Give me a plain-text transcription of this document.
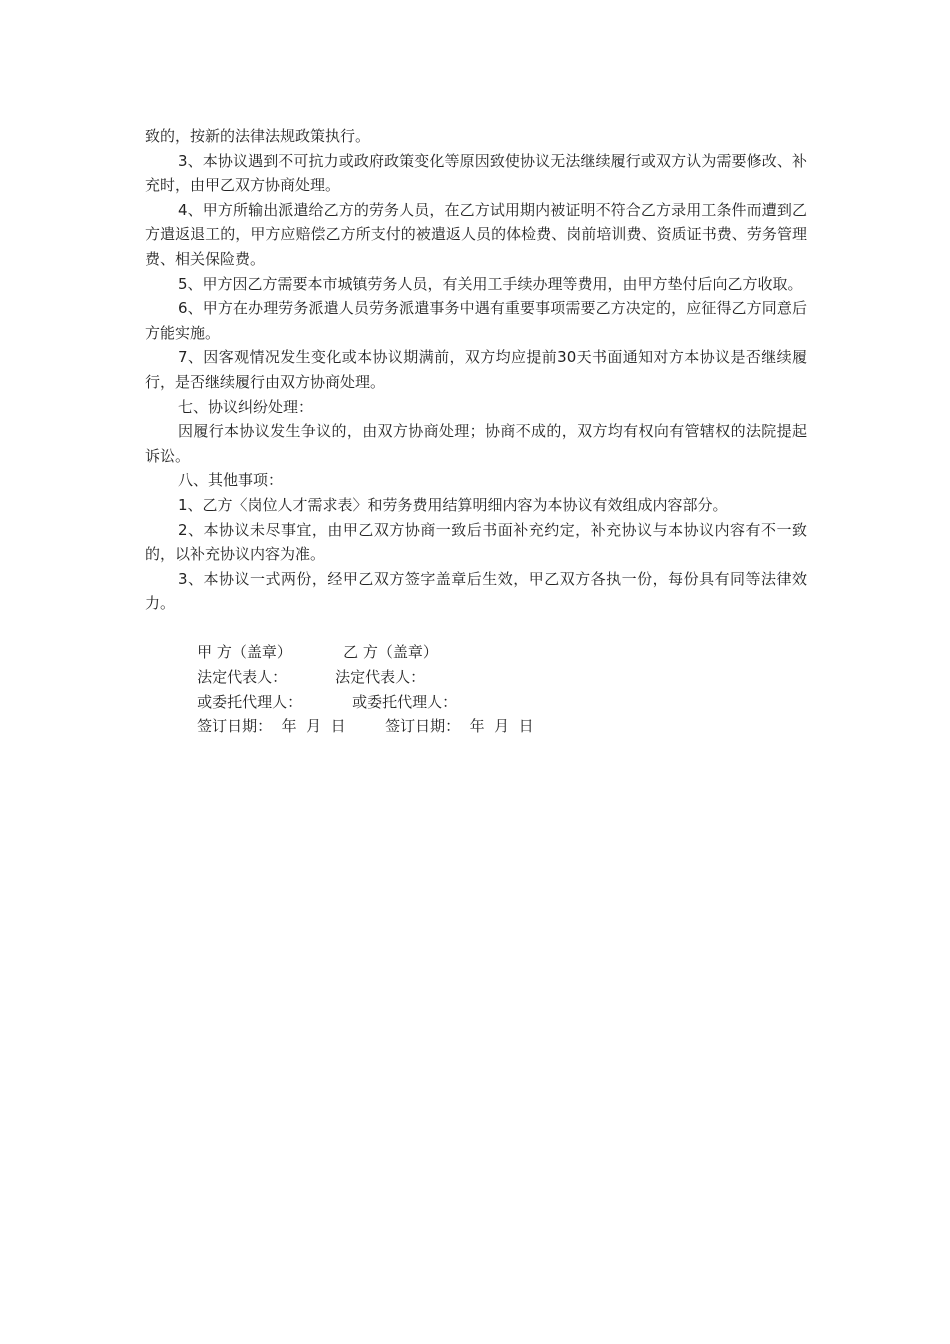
致的，按新的法律法规政策执行。

3、本协议遇到不可抗力或政府政策变化等原因致使协议无法继续履行或双方认为需要修改、补充时，由甲乙双方协商处理。

4、甲方所输出派遣给乙方的劳务人员，在乙方试用期内被证明不符合乙方录用工条件而遭到乙方遣返退工的，甲方应赔偿乙方所支付的被遣返人员的体检费、岗前培训费、资质证书费、劳务管理费、相关保险费。

5、甲方因乙方需要本市城镇劳务人员，有关用工手续办理等费用，由甲方垫付后向乙方收取。

6、甲方在办理劳务派遣人员劳务派遣事务中遇有重要事项需要乙方决定的，应征得乙方同意后方能实施。

7、因客观情况发生变化或本协议期满前，双方均应提前30天书面通知对方本协议是否继续履行，是否继续履行由双方协商处理。

七、协议纠纷处理：

因履行本协议发生争议的，由双方协商处理；协商不成的，双方均有权向有管辖权的法院提起诉讼。

八、其他事项：

1、乙方〈岗位人才需求表〉和劳务费用结算明细内容为本协议有效组成内容部分。

2、本协议未尽事宜，由甲乙双方协商一致后书面补充约定，补充协议与本协议内容有不一致的，以补充协议内容为准。

3、本协议一式两份，经甲乙双方签字盖章后生效，甲乙双方各执一份，每份具有同等法律效力。

甲 方（盖章）	乙 方（盖章）

法定代表人：	法定代表人：

或委托代理人：	或委托代理人：

签订日期：  年  月  日	签订日期：  年  月  日
